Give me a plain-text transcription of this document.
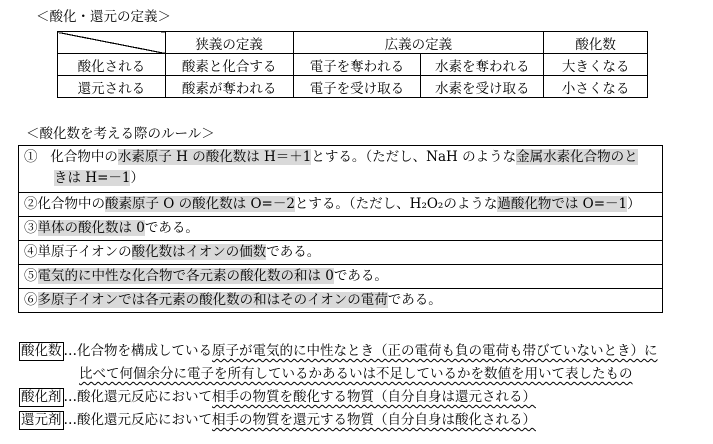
＜酸化・還元の定義＞
	狭義の定義	広義の定義		酸化数
酸化される	酸素と化合する	電子を奪われる	水素を奪われる	大きくなる
還元される	酸素が奪われる	電子を受け取る	水素を受け取る	小さくなる
＜酸化数を考える際のルール＞
① 化合物中の水素原子 H の酸化数は H＝＋1とする。（ただし、NaH のような金属水素化合物のと
きは H=－1）
②化合物中の酸素原子 O の酸化数は O=－2とする。（ただし、H₂O₂のような過酸化物では O=－1）
③単体の酸化数は 0である。
④単原子イオンの酸化数はイオンの価数である。
⑤電気的に中性な化合物で各元素の酸化数の和は 0である。
⑥多原子イオンでは各元素の酸化数の和はそのイオンの電荷である。
酸化数 …化合物を構成している原子が電気的に中性なとき（正の電荷も負の電荷も帯びていないとき）に
比べて何個余分に電子を所有しているかあるいは不足しているかを数値を用いて表したもの
酸化剤 …酸化還元反応において相手の物質を酸化する物質（自分自身は還元される）
還元剤 …酸化還元反応において相手の物質を還元する物質（自分自身は酸化される）
